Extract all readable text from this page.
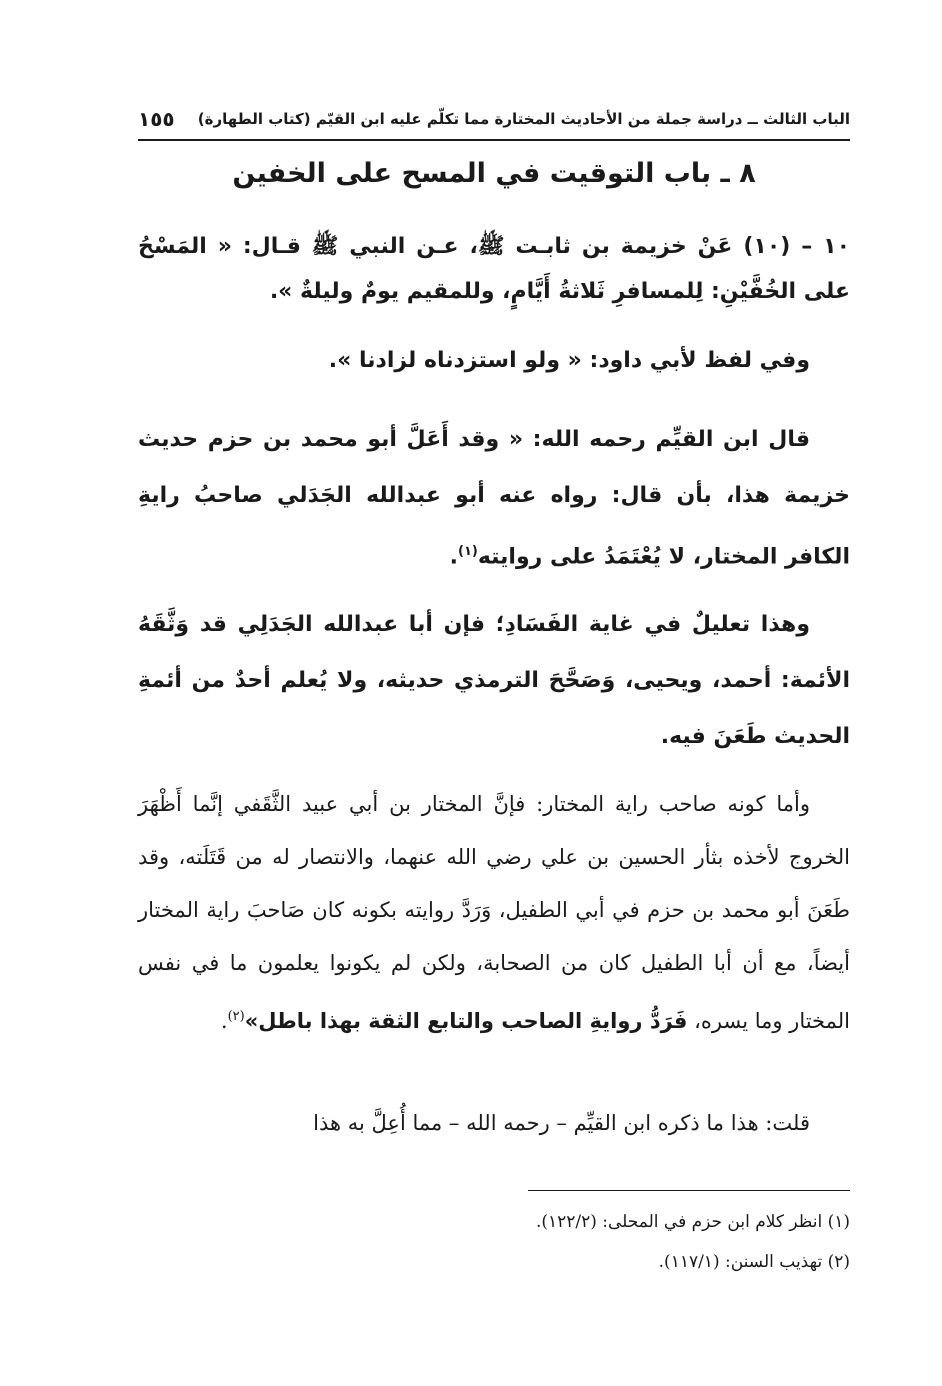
الباب الثالث ــ دراسة جملة من الأحاديث المختارة مما تكلّم عليه ابن القيّم (كتاب الطهارة)
١٥٥
٨ ـ باب التوقيت في المسح على الخفين
١٠ – (١٠) عَنْ خزيمة بن ثابـت ﷺ، عـن النبي ﷺ قـال: « المَسْحُ على الخُفَّيْنِ: لِلمسافرِ ثَلاثةُ أَيَّامٍ، وللمقيم يومٌ وليلةٌ ».
وفي لفظ لأبي داود: « ولو استزدناه لزادنا ».
قال ابن القيِّم رحمه الله: « وقد أَعَلَّ أبو محمد بن حزم حديث خزيمة هذا، بأن قال: رواه عنه أبو عبدالله الجَدَلي صاحبُ رايةِ الكافر المختار، لا يُعْتَمَدُ على روايته$^{(١)}$.
وهذا تعليلٌ في غاية الفَسَادِ؛ فإن أبا عبدالله الجَدَلِي قد وَثَّقَهُ الأئمة: أحمد، ويحيى، وَصَحَّحَ الترمذي حديثه، ولا يُعلم أحدٌ من أئمةِ الحديث طَعَنَ فيه.
وأما كونه صاحب راية المختار: فإنَّ المختار بن أبي عبيد الثَّقَفي إنَّما أَظْهَرَ الخروج لأخذه بثأر الحسين بن علي رضي الله عنهما، والانتصار له من قَتَلَته، وقد طَعَنَ أبو محمد بن حزم في أبي الطفيل، وَرَدَّ روايته بكونه كان صَاحبَ راية المختار أيضاً، مع أن أبا الطفيل كان من الصحابة، ولكن لم يكونوا يعلمون ما في نفس المختار وما يسره، فَرَدُّ روايةِ الصاحب والتابع الثقة بهذا باطل»$^{(٢)}$.
قلت: هذا ما ذكره ابن القيِّم – رحمه الله – مما أُعِلَّ به هذا
(١) انظر كلام ابن حزم في المحلى: (١٢٢/٢).
(٢) تهذيب السنن: (١١٧/١).
